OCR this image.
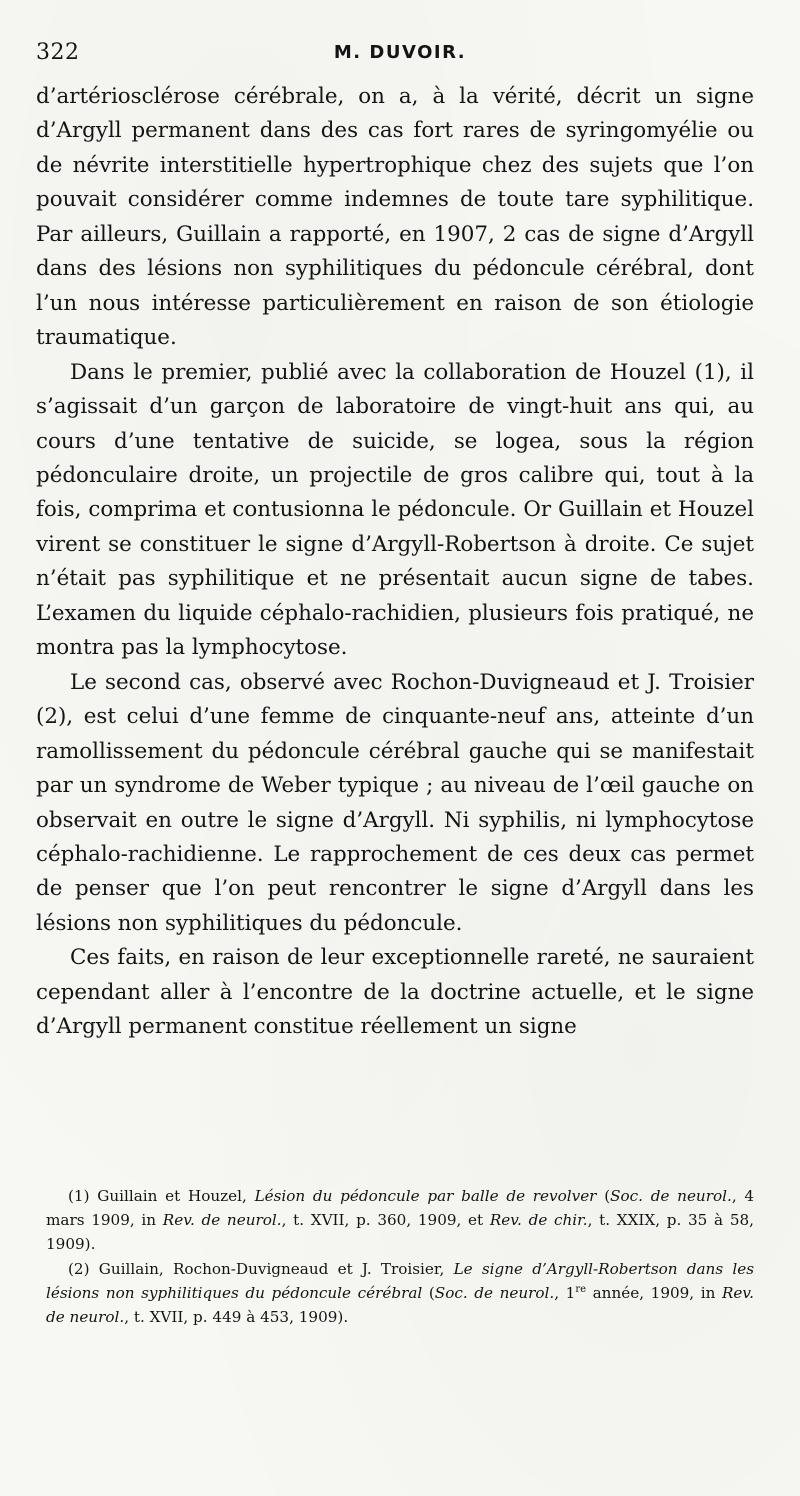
322	M. DUVOIR.

d’artériosclérose cérébrale, on a, à la vérité, décrit un signe d’Argyll permanent dans des cas fort rares de syringomyélie ou de névrite interstitielle hypertrophique chez des sujets que l’on pouvait considérer comme indemnes de toute tare syphilitique. Par ailleurs, Guillain a rapporté, en 1907, 2 cas de signe d’Argyll dans des lésions non syphilitiques du pédoncule cérébral, dont l’un nous intéresse particulièrement en raison de son étiologie traumatique.

Dans le premier, publié avec la collaboration de Houzel (1), il s’agissait d’un garçon de laboratoire de vingt-huit ans qui, au cours d’une tentative de suicide, se logea, sous la région pédonculaire droite, un projectile de gros calibre qui, tout à la fois, comprima et contusionna le pédoncule. Or Guillain et Houzel virent se constituer le signe d’Argyll-Robertson à droite. Ce sujet n’était pas syphilitique et ne présentait aucun signe de tabes. L’examen du liquide céphalo-rachidien, plusieurs fois pratiqué, ne montra pas la lymphocytose.

Le second cas, observé avec Rochon-Duvigneaud et J. Troisier (2), est celui d’une femme de cinquante-neuf ans, atteinte d’un ramollissement du pédoncule cérébral gauche qui se manifestait par un syndrome de Weber typique ; au niveau de l’œil gauche on observait en outre le signe d’Argyll. Ni syphilis, ni lymphocytose céphalo-rachidienne. Le rapprochement de ces deux cas permet de penser que l’on peut rencontrer le signe d’Argyll dans les lésions non syphilitiques du pédoncule.

Ces faits, en raison de leur exceptionnelle rareté, ne sauraient cependant aller à l’encontre de la doctrine actuelle, et le signe d’Argyll permanent constitue réellement un signe

(1) Guillain et Houzel, Lésion du pédoncule par balle de revolver (Soc. de neurol., 4 mars 1909, in Rev. de neurol., t. XVII, p. 360, 1909, et Rev. de chir., t. XXIX, p. 35 à 58, 1909).

(2) Guillain, Rochon-Duvigneaud et J. Troisier, Le signe d’Argyll-Robertson dans les lésions non syphilitiques du pédoncule cérébral (Soc. de neurol., 1re année, 1909, in Rev. de neurol., t. XVII, p. 449 à 453, 1909).
